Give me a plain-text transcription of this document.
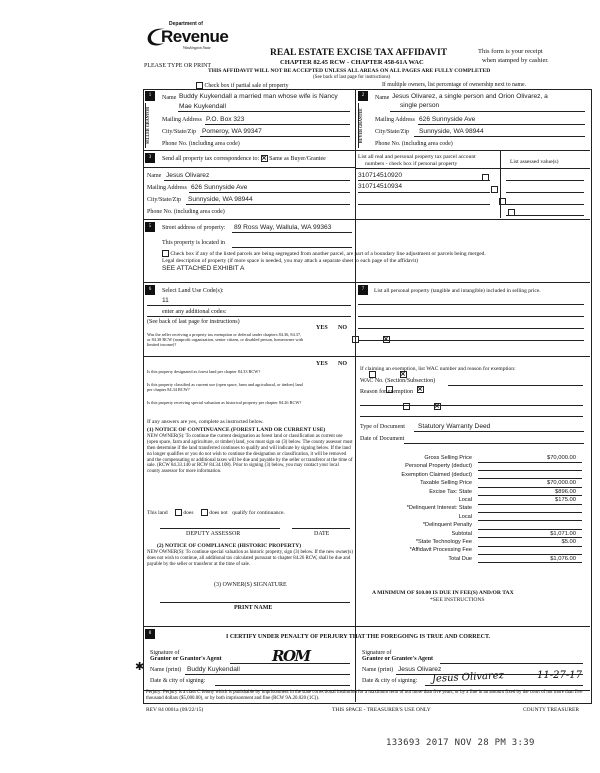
Department of
Revenue
Washington State
PLEASE TYPE OR PRINT
REAL ESTATE EXCISE TAX AFFIDAVIT
CHAPTER 82.45 RCW - CHAPTER 458-61A WAC
This form is your receipt
when stamped by cashier.
THIS AFFIDAVIT WILL NOT BE ACCEPTED UNLESS ALL AREAS ON ALL PAGES ARE FULLY COMPLETED
(See back of last page for instructions)
Check box if partial sale of property	If multiple owners, list percentage of ownership next to name.
1
SELLER GRANTOR
Name Buddy Kuykendall a married man whose wife is Nancy
Mae Kuykendall
Mailing Address P.O. Box 323
City/State/Zip Pomeroy, WA 99347
Phone No. (including area code)
2
BUYER GRANTEE
Name Jesus Olivarez, a single person and Orion Olivarez, a
single person
Mailing Address 626 Sunnyside Ave
City/State/Zip Sunnyside, WA 98944
Phone No. (including area code)
3	Send all property tax correspondence to: × Same as Buyer/Grantee
Name Jesus Olivarez
Mailing Address 626 Sunnyside Ave
City/State/Zip Sunnyside, WA 98944
Phone No. (including area code)
List all real and personal property tax parcel account
numbers - check box if personal property	List assessed value(s)
310714510920

310714510934

5	Street address of property: 89 Ross Way, Wallula, WA 99363
This property is located in
Check box if any of the listed parcels are being segregated from another parcel, are part of a boundary line adjustment or parcels being merged.
Legal description of property (if more space is needed, you may attach a separate sheet to each page of the affidavit)
SEE ATTACHED EXHIBIT A
6	Select Land Use Code(s):
11
enter any additional codes:
(See back of last page for instructions)
YES NO
Was the seller receiving a property tax exemption or deferral under chapters 84.36, 84.37, or 84.38 RCW (nonprofit organization, senior citizen, or disabled person, homeowner with limited income)?
×
YES NO
Is this property designated as forest land per chapter 84.33 RCW?
×
Is this property classified as current use (open space, farm and agricultural, or timber) land per chapter 84.34 RCW?
×
Is this property receiving special valuation as historical property per chapter 84.26 RCW?
×
If any answers are yes, complete as instructed below.
(1) NOTICE OF CONTINUANCE (FOREST LAND OR CURRENT USE)
NEW OWNER(S): To continue the current designation as forest land or classification as current use (open space, farm and agriculture, or timber) land, you must sign on (3) below. The county assessor must then determine if the land transferred continues to qualify and will indicate by signing below. If the land no longer qualifies or you do not wish to continue the designation or classification, it will be removed and the compensating or additional taxes will be due and payable by the seller or transferor at the time of sale. (RCW 84.33.140 or RCW 84.34.108). Prior to signing (3) below, you may contact your local county assessor for more information.
This land	does	does not qualify for continuance.
DEPUTY ASSESSOR	DATE
(2) NOTICE OF COMPLIANCE (HISTORIC PROPERTY)
NEW OWNER(S): To continue special valuation as historic property, sign (3) below. If the new owner(s) does not wish to continue, all additional tax calculated pursuant to chapter 84.26 RCW, shall be due and payable by the seller or transferor at the time of sale.
(3) OWNER(S) SIGNATURE
PRINT NAME
7	List all personal property (tangible and intangible) included in selling price.
If claiming an exemption, list WAC number and reason for exemption:
WAC No. (Section/Subsection)
Reason for exemption
Type of Document Statutory Warranty Deed
Date of Document
Gross Selling Price	$70,000.00
Personal Property (deduct)
Exemption Claimed (deduct)
Taxable Selling Price	$70,000.00
Excise Tax: State	$896.00
Local	$175.00
*Delinquent Interest: State
Local
*Delinquent Penalty
Subtotal	$1,071.00
*State Technology Fee	$5.00
*Affidavit Processing Fee
Total Due	$1,076.00
A MINIMUM OF $10.00 IS DUE IN FEE(S) AND/OR TAX
*SEE INSTRUCTIONS
8
I CERTIFY UNDER PENALTY OF PERJURY THAT THE FOREGOING IS TRUE AND CORRECT.
Signature of
Grantor or Grantor's Agent	ROM
✱ Name (print) Buddy Kuykendall
Date & city of signing:
Signature of
Grantee or Grantee's Agent
Name (print) Jesus Olivarez
Date & city of signing: Jesus Olivarez	11-27-17
Perjury: Perjury is a class C felony which is punishable by imprisonment in the state correctional institution for a maximum term of not more than five years, or by a fine in an amount fixed by the court of not more than five thousand dollars ($5,000.00), or by both imprisonment and fine (RCW 9A.20.020 (1C)).
REV 84 0001a (09/22/15)	THIS SPACE - TREASURER'S USE ONLY	COUNTY TREASURER
133693 2017 NOV 28 PM 3:39
